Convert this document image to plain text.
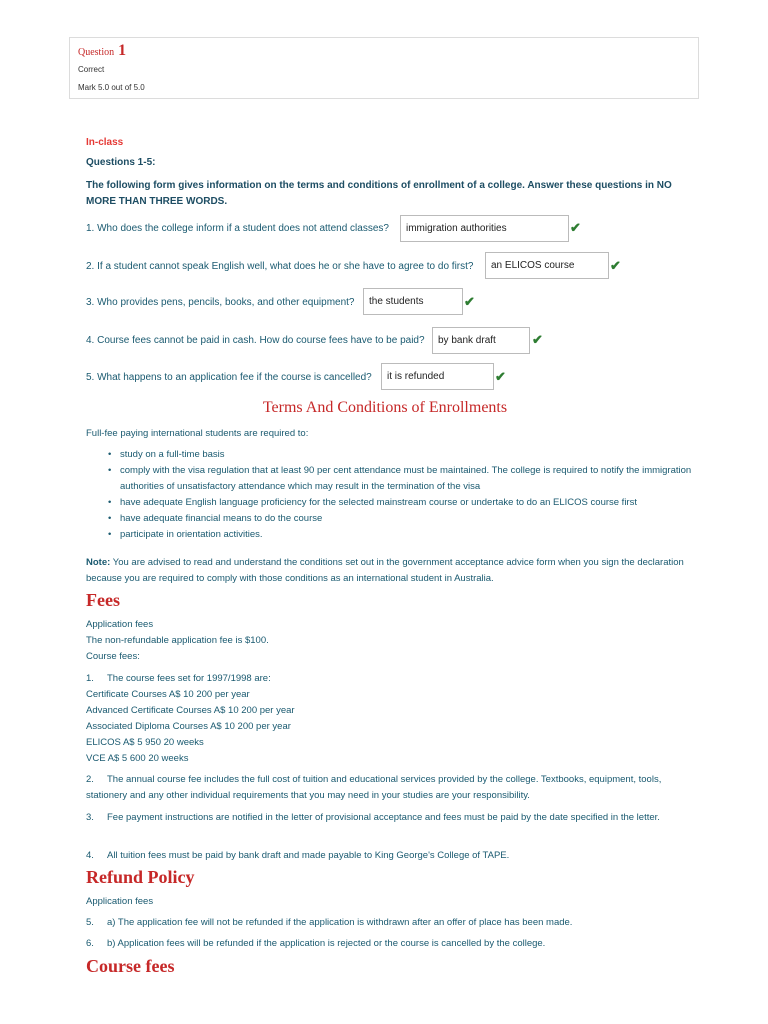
Question 1
Correct
Mark 5.0 out of 5.0
In-class
Questions 1-5:
The following form gives information on the terms and conditions of enrollment of a college. Answer these questions in NO MORE THAN THREE WORDS.
1. Who does the college inform if a student does not attend classes?
immigration authorities	✔
2. If a student cannot speak English well, what does he or she have to agree to do first?
an ELICOS course	✔
3. Who provides pens, pencils, books, and other equipment?
the students	✔
4. Course fees cannot be paid in cash. How do course fees have to be paid?
by bank draft	✔
5. What happens to an application fee if the course is cancelled?
it is refunded	✔
Terms And Conditions of Enrollments
Full-fee paying international students are required to:
• study on a full-time basis
• comply with the visa regulation that at least 90 per cent attendance must be maintained. The college is required to notify the immigration authorities of unsatisfactory attendance which may result in the termination of the visa
• have adequate English language proficiency for the selected mainstream course or undertake to do an ELICOS course first
• have adequate financial means to do the course
• participate in orientation activities.
Note: You are advised to read and understand the conditions set out in the government acceptance advice form when you sign the declaration because you are required to comply with those conditions as an international student in Australia.
Fees
Application fees
The non-refundable application fee is $100.
Course fees:
1. The course fees set for 1997/1998 are:
Certificate Courses A$ 10 200 per year
Advanced Certificate Courses A$ 10 200 per year
Associated Diploma Courses A$ 10 200 per year
ELICOS A$ 5 950 20 weeks
VCE A$ 5 600 20 weeks
2.	The annual course fee includes the full cost of tuition and educational services provided by the college. Textbooks, equipment, tools, stationery and any other individual requirements that you may need in your studies are your responsibility.
3.	Fee payment instructions are notified in the letter of provisional acceptance and fees must be paid by the date specified in the letter.
4. All tuition fees must be paid by bank draft and made payable to King George's College of TAPE.
Refund Policy
Application fees
5. a) The application fee will not be refunded if the application is withdrawn after an offer of place has been made.
6. b) Application fees will be refunded if the application is rejected or the course is cancelled by the college.
Course fees
